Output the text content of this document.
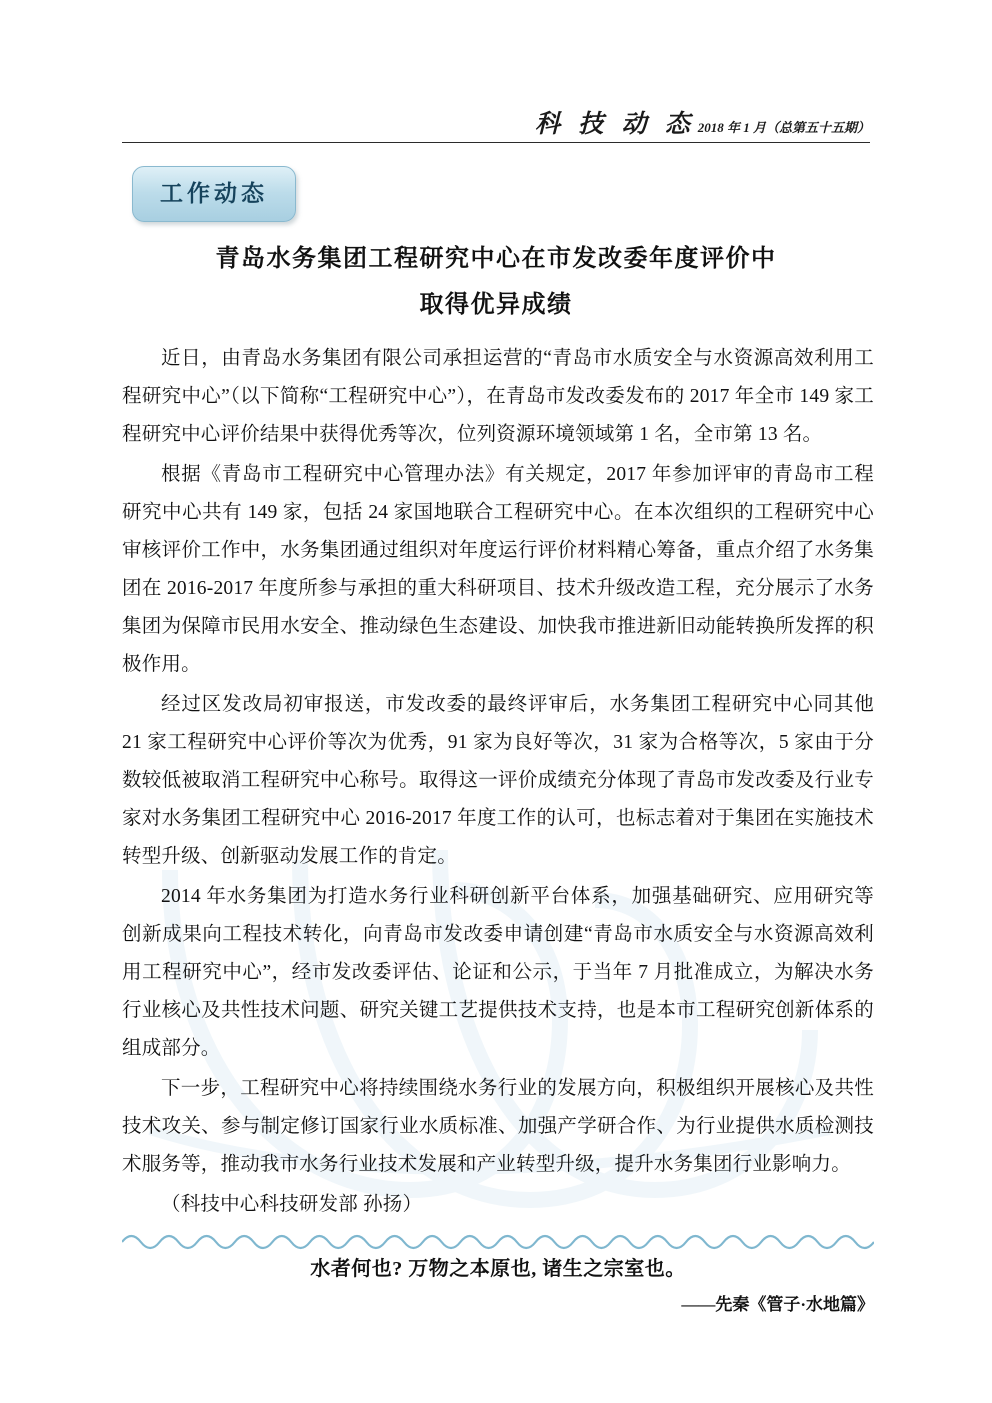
科 技 动 态 2018 年 1 月（总第五十五期）
工作动态
青岛水务集团工程研究中心在市发改委年度评价中
取得优异成绩

近日，由青岛水务集团有限公司承担运营的“青岛市水质安全与水资源高效利用工程研究中心”（以下简称“工程研究中心”），在青岛市发改委发布的 2017 年全市 149 家工程研究中心评价结果中获得优秀等次，位列资源环境领域第 1 名，全市第 13 名。

根据《青岛市工程研究中心管理办法》有关规定，2017 年参加评审的青岛市工程研究中心共有 149 家，包括 24 家国地联合工程研究中心。在本次组织的工程研究中心审核评价工作中，水务集团通过组织对年度运行评价材料精心筹备，重点介绍了水务集团在 2016-2017 年度所参与承担的重大科研项目、技术升级改造工程，充分展示了水务集团为保障市民用水安全、推动绿色生态建设、加快我市推进新旧动能转换所发挥的积极作用。

经过区发改局初审报送，市发改委的最终评审后，水务集团工程研究中心同其他 21 家工程研究中心评价等次为优秀，91 家为良好等次，31 家为合格等次，5 家由于分数较低被取消工程研究中心称号。取得这一评价成绩充分体现了青岛市发改委及行业专家对水务集团工程研究中心 2016-2017 年度工作的认可，也标志着对于集团在实施技术转型升级、创新驱动发展工作的肯定。

2014 年水务集团为打造水务行业科研创新平台体系，加强基础研究、应用研究等创新成果向工程技术转化，向青岛市发改委申请创建“青岛市水质安全与水资源高效利用工程研究中心”，经市发改委评估、论证和公示，于当年 7 月批准成立，为解决水务行业核心及共性技术问题、研究关键工艺提供技术支持，也是本市工程研究创新体系的组成部分。

下一步，工程研究中心将持续围绕水务行业的发展方向，积极组织开展核心及共性技术攻关、参与制定修订国家行业水质标准、加强产学研合作、为行业提供水质检测技术服务等，推动我市水务行业技术发展和产业转型升级，提升水务集团行业影响力。

（科技中心科技研发部 孙扬）

水者何也? 万物之本原也, 诸生之宗室也。
——先秦《管子·水地篇》
